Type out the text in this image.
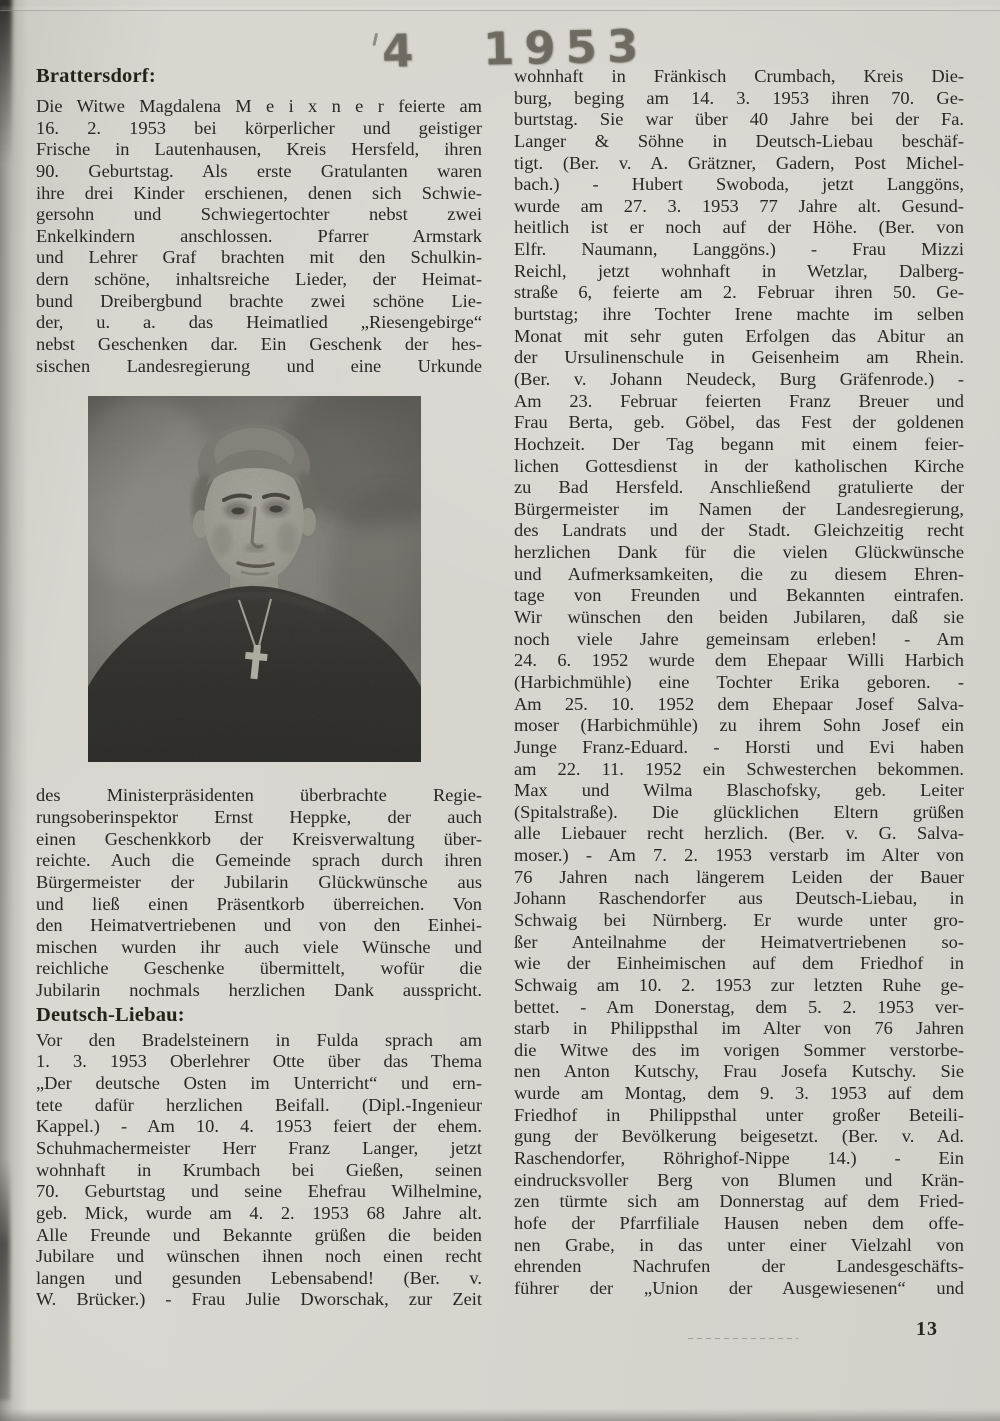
4 1953
Brattersdorf:
Die Witwe Magdalena M e i x n e r feierte am
16. 2. 1953 bei körperlicher und geistiger
Frische in Lautenhausen, Kreis Hersfeld, ihren
90. Geburtstag. Als erste Gratulanten waren
ihre drei Kinder erschienen, denen sich Schwie-
gersohn und Schwiegertochter nebst zwei
Enkelkindern anschlossen. Pfarrer Armstark
und Lehrer Graf brachten mit den Schulkin-
dern schöne, inhaltsreiche Lieder, der Heimat-
bund Dreibergbund brachte zwei schöne Lie-
der, u. a. das Heimatlied „Riesengebirge“
nebst Geschenken dar. Ein Geschenk der hes-
sischen Landesregierung und eine Urkunde
des Ministerpräsidenten überbrachte Regie-
rungsoberinspektor Ernst Heppke, der auch
einen Geschenkkorb der Kreisverwaltung über-
reichte. Auch die Gemeinde sprach durch ihren
Bürgermeister der Jubilarin Glückwünsche aus
und ließ einen Präsentkorb überreichen. Von
den Heimatvertriebenen und von den Einhei-
mischen wurden ihr auch viele Wünsche und
reichliche Geschenke übermittelt, wofür die
Jubilarin nochmals herzlichen Dank ausspricht.
Deutsch-Liebau:
Vor den Bradelsteinern in Fulda sprach am
1. 3. 1953 Oberlehrer Otte über das Thema
„Der deutsche Osten im Unterricht“ und ern-
tete dafür herzlichen Beifall. (Dipl.-Ingenieur
Kappel.) - Am 10. 4. 1953 feiert der ehem.
Schuhmachermeister Herr Franz Langer, jetzt
wohnhaft in Krumbach bei Gießen, seinen
70. Geburtstag und seine Ehefrau Wilhelmine,
geb. Mick, wurde am 4. 2. 1953 68 Jahre alt.
Alle Freunde und Bekannte grüßen die beiden
Jubilare und wünschen ihnen noch einen recht
langen und gesunden Lebensabend! (Ber. v.
W. Brücker.) - Frau Julie Dworschak, zur Zeit
wohnhaft in Fränkisch Crumbach, Kreis Die-
burg, beging am 14. 3. 1953 ihren 70. Ge-
burtstag. Sie war über 40 Jahre bei der Fa.
Langer & Söhne in Deutsch-Liebau beschäf-
tigt. (Ber. v. A. Grätzner, Gadern, Post Michel-
bach.) - Hubert Swoboda, jetzt Langgöns,
wurde am 27. 3. 1953 77 Jahre alt. Gesund-
heitlich ist er noch auf der Höhe. (Ber. von
Elfr. Naumann, Langgöns.) - Frau Mizzi
Reichl, jetzt wohnhaft in Wetzlar, Dalberg-
straße 6, feierte am 2. Februar ihren 50. Ge-
burtstag; ihre Tochter Irene machte im selben
Monat mit sehr guten Erfolgen das Abitur an
der Ursulinenschule in Geisenheim am Rhein.
(Ber. v. Johann Neudeck, Burg Gräfenrode.) -
Am 23. Februar feierten Franz Breuer und
Frau Berta, geb. Göbel, das Fest der goldenen
Hochzeit. Der Tag begann mit einem feier-
lichen Gottesdienst in der katholischen Kirche
zu Bad Hersfeld. Anschließend gratulierte der
Bürgermeister im Namen der Landesregierung,
des Landrats und der Stadt. Gleichzeitig recht
herzlichen Dank für die vielen Glückwünsche
und Aufmerksamkeiten, die zu diesem Ehren-
tage von Freunden und Bekannten eintrafen.
Wir wünschen den beiden Jubilaren, daß sie
noch viele Jahre gemeinsam erleben! - Am
24. 6. 1952 wurde dem Ehepaar Willi Harbich
(Harbichmühle) eine Tochter Erika geboren. -
Am 25. 10. 1952 dem Ehepaar Josef Salva-
moser (Harbichmühle) zu ihrem Sohn Josef ein
Junge Franz-Eduard. - Horsti und Evi haben
am 22. 11. 1952 ein Schwesterchen bekommen.
Max und Wilma Blaschofsky, geb. Leiter
(Spitalstraße). Die glücklichen Eltern grüßen
alle Liebauer recht herzlich. (Ber. v. G. Salva-
moser.) - Am 7. 2. 1953 verstarb im Alter von
76 Jahren nach längerem Leiden der Bauer
Johann Raschendorfer aus Deutsch-Liebau, in
Schwaig bei Nürnberg. Er wurde unter gro-
ßer Anteilnahme der Heimatvertriebenen so-
wie der Einheimischen auf dem Friedhof in
Schwaig am 10. 2. 1953 zur letzten Ruhe ge-
bettet. - Am Donerstag, dem 5. 2. 1953 ver-
starb in Philippsthal im Alter von 76 Jahren
die Witwe des im vorigen Sommer verstorbe-
nen Anton Kutschy, Frau Josefa Kutschy. Sie
wurde am Montag, dem 9. 3. 1953 auf dem
Friedhof in Philippsthal unter großer Beteili-
gung der Bevölkerung beigesetzt. (Ber. v. Ad.
Raschendorfer, Röhrighof-Nippe 14.) - Ein
eindrucksvoller Berg von Blumen und Krän-
zen türmte sich am Donnerstag auf dem Fried-
hofe der Pfarrfiliale Hausen neben dem offe-
nen Grabe, in das unter einer Vielzahl von
ehrenden Nachrufen der Landesgeschäfts-
führer der „Union der Ausgewiesenen“ und
13
